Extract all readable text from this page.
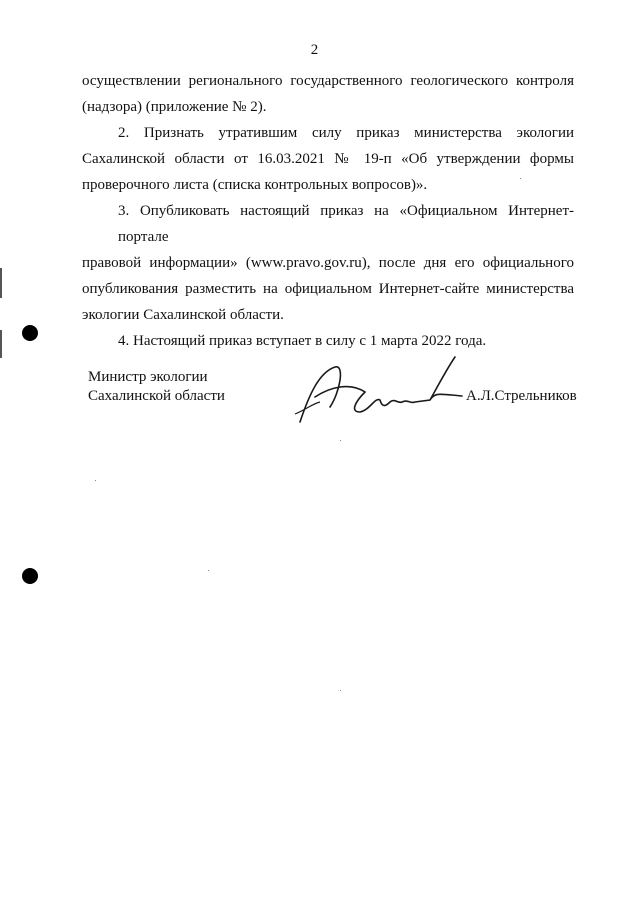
2
осуществлении регионального государственного геологического контроля
(надзора) (приложение № 2).
2. Признать утратившим силу приказ министерства экологии
Сахалинской области от 16.03.2021 № 19-п «Об утверждении формы
проверочного листа (списка контрольных вопросов)».
3. Опубликовать настоящий приказ на «Официальном Интернет-портале
правовой информации» (www.pravo.gov.ru), после дня его официального
опубликования разместить на официальном Интернет-сайте министерства
экологии Сахалинской области.
4. Настоящий приказ вступает в силу с 1 марта 2022 года.
Министр экологии
Сахалинской области	А.Л.Стрельников
